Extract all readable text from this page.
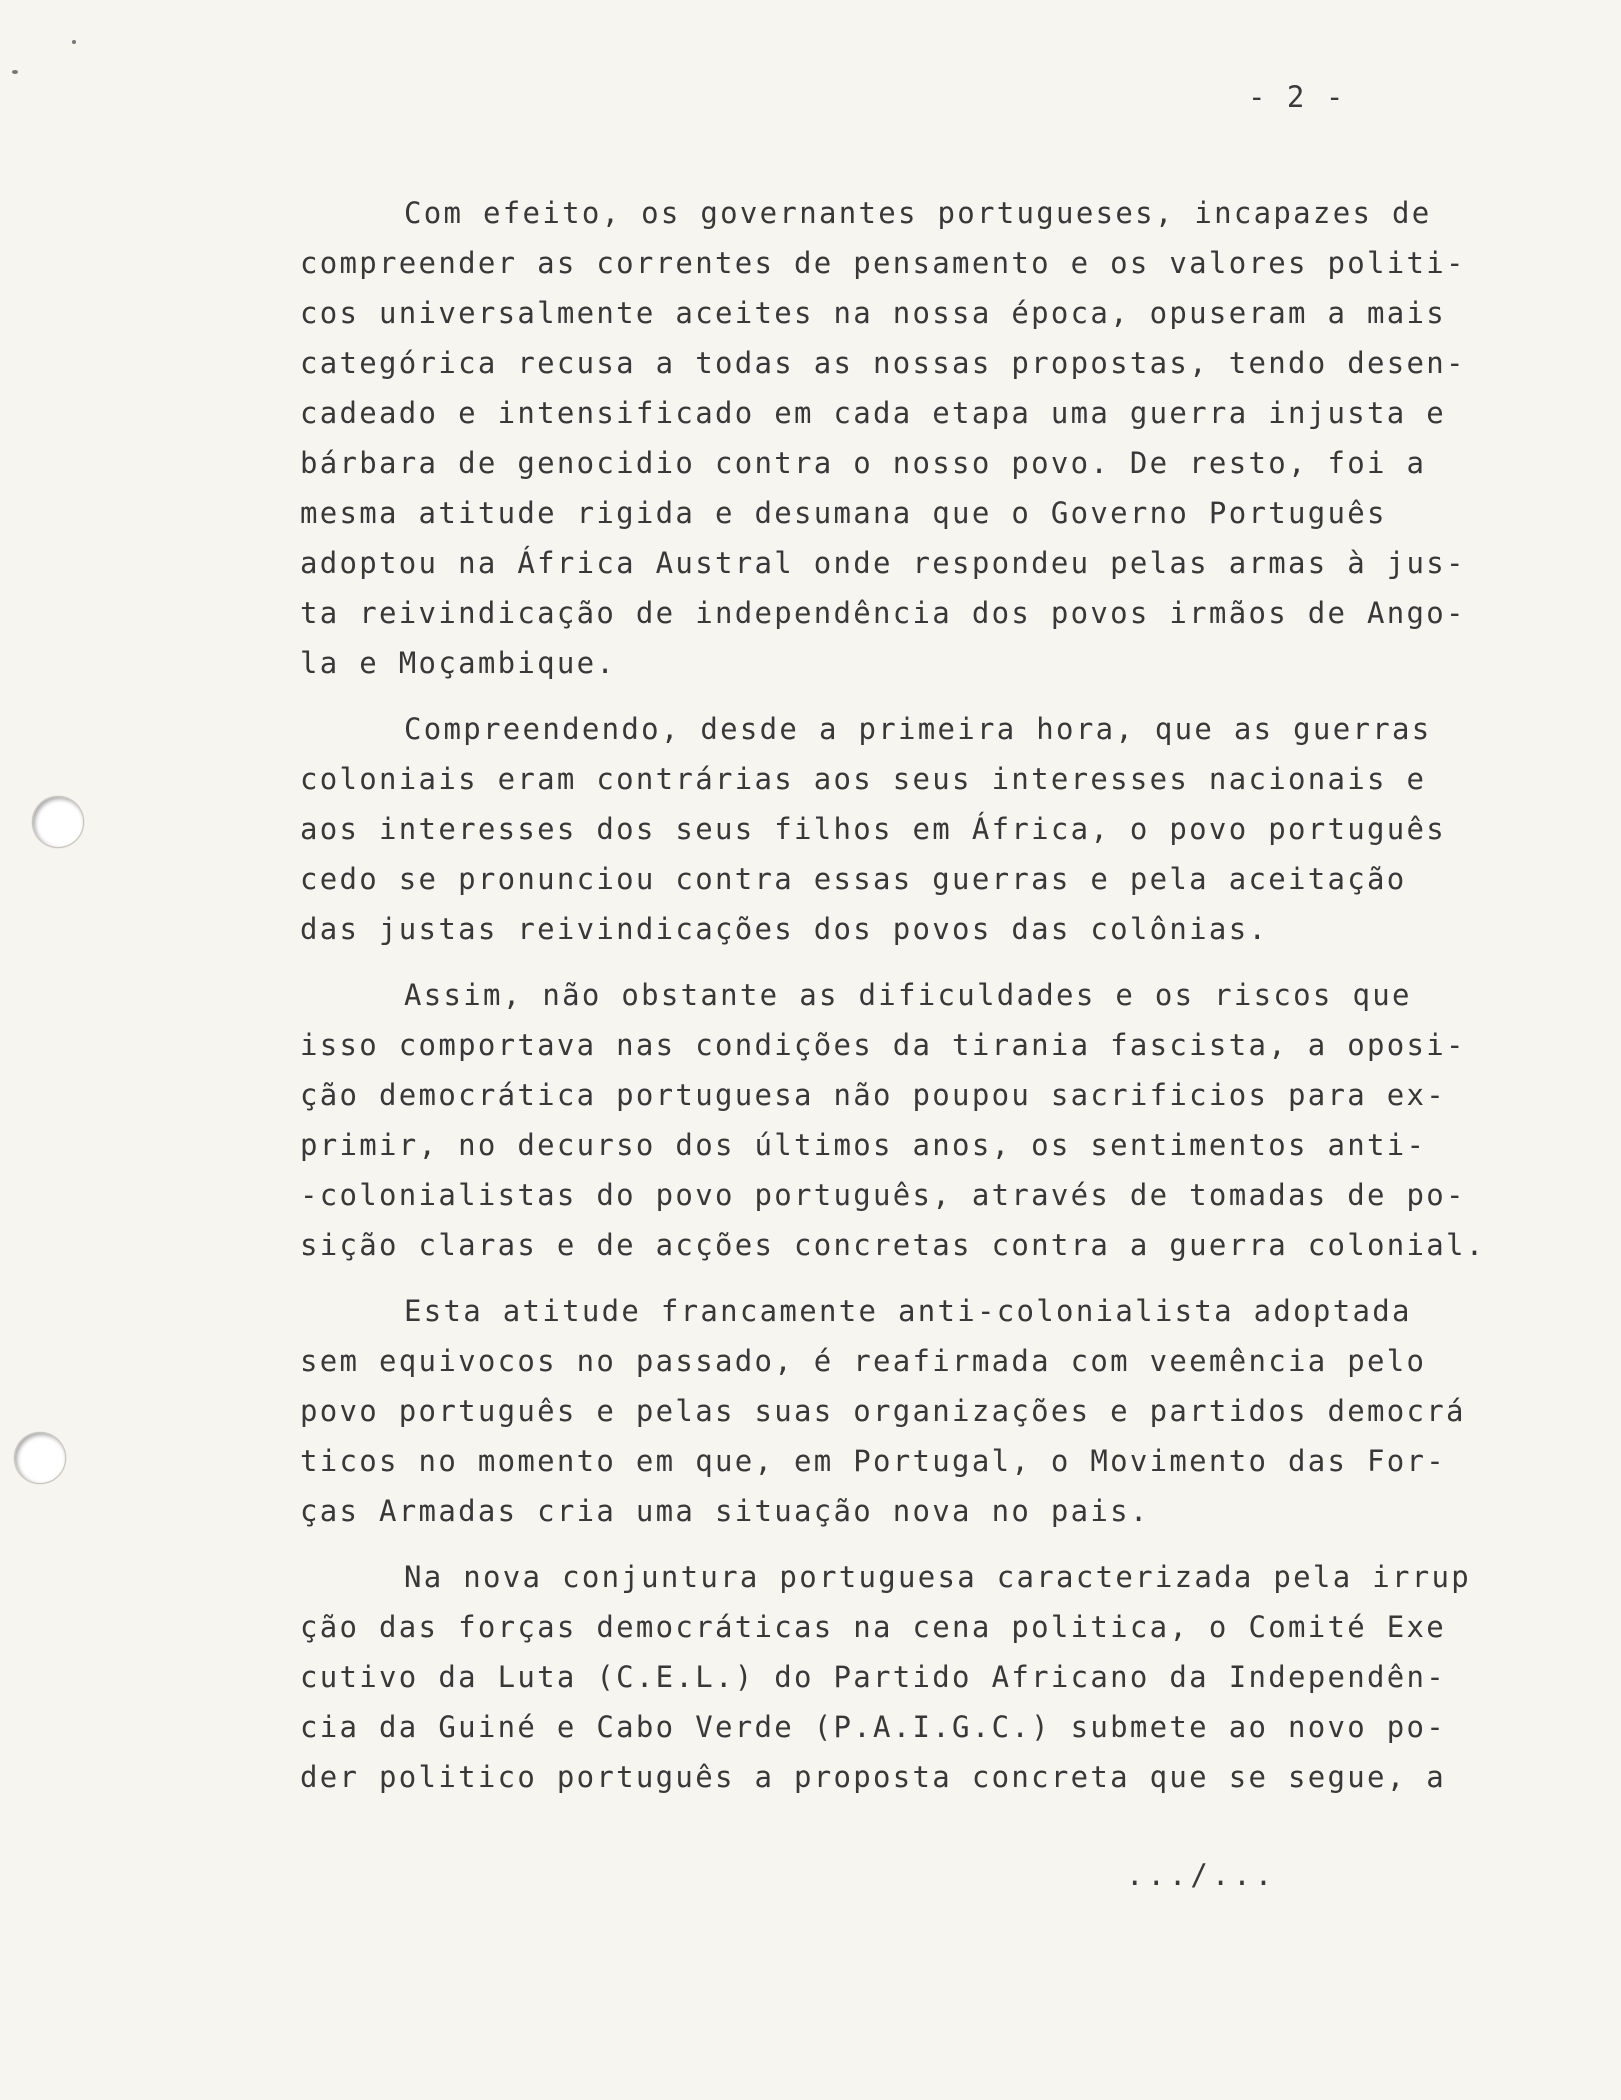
- 2 -
Com efeito, os governantes portugueses, incapazes de
compreender as correntes de pensamento e os valores politi-
cos universalmente aceites na nossa época, opuseram a mais
categórica recusa a todas as nossas propostas, tendo desen-
cadeado e intensificado em cada etapa uma guerra injusta e
bárbara de genocidio contra o nosso povo. De resto, foi a
mesma atitude rigida e desumana que o Governo Português
adoptou na África Austral onde respondeu pelas armas à jus-
ta reivindicação de independência dos povos irmãos de Ango-
la e Moçambique.
Compreendendo, desde a primeira hora, que as guerras
coloniais eram contrárias aos seus interesses nacionais e
aos interesses dos seus filhos em África, o povo português
cedo se pronunciou contra essas guerras e pela aceitação
das justas reivindicações dos povos das colônias.
Assim, não obstante as dificuldades e os riscos que
isso comportava nas condições da tirania fascista, a oposi-
ção democrática portuguesa não poupou sacrificios para ex-
primir, no decurso dos últimos anos, os sentimentos anti-
-colonialistas do povo português, através de tomadas de po-
sição claras e de acções concretas contra a guerra colonial.
Esta atitude francamente anti-colonialista adoptada
sem equivocos no passado, é reafirmada com veemência pelo
povo português e pelas suas organizações e partidos democrá
ticos no momento em que, em Portugal, o Movimento das For-
ças Armadas cria uma situação nova no pais.
Na nova conjuntura portuguesa caracterizada pela irrup
ção das forças democráticas na cena politica, o Comité Exe
cutivo da Luta (C.E.L.) do Partido Africano da Independên-
cia da Guiné e Cabo Verde (P.A.I.G.C.) submete ao novo po-
der politico português a proposta concreta que se segue, a
.../...
